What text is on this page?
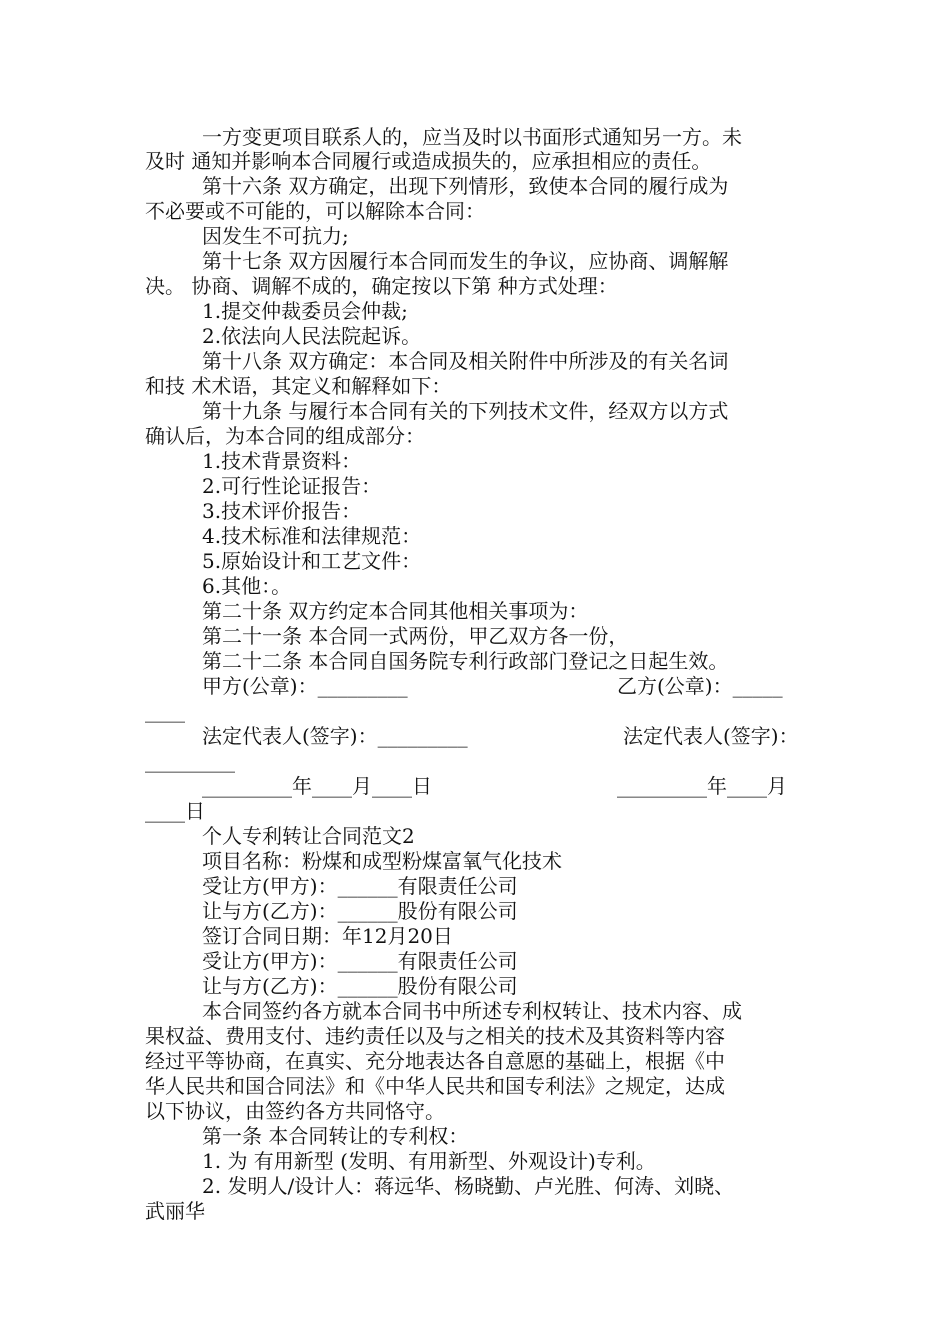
一方变更项目联系人的，应当及时以书面形式通知另一方。未
及时 通知并影响本合同履行或造成损失的，应承担相应的责任。
第十六条 双方确定，出现下列情形，致使本合同的履行成为
不必要或不可能的，可以解除本合同：
因发生不可抗力;
第十七条 双方因履行本合同而发生的争议，应协商、调解解
决。 协商、调解不成的，确定按以下第 种方式处理：
1.提交仲裁委员会仲裁;
2.依法向人民法院起诉。
第十八条 双方确定：本合同及相关附件中所涉及的有关名词
和技 术术语，其定义和解释如下：
第十九条 与履行本合同有关的下列技术文件，经双方以方式
确认后，为本合同的组成部分：
1.技术背景资料：
2.可行性论证报告：
3.技术评价报告：
4.技术标准和法律规范：
5.原始设计和工艺文件：
6.其他：。
第二十条 双方约定本合同其他相关事项为：
第二十一条 本合同一式两份，甲乙双方各一份，
第二十二条 本合同自国务院专利行政部门登记之日起生效。
甲方(公章)：_________	乙方(公章)：_____
____
法定代表人(签字)：_________	法定代表人(签字)：
_________
_________年____月____日	_________年____月
____日
个人专利转让合同范文2
项目名称：粉煤和成型粉煤富氧气化技术
受让方(甲方)：______有限责任公司
让与方(乙方)：______股份有限公司
签订合同日期：年12月20日
受让方(甲方)：______有限责任公司
让与方(乙方)：______股份有限公司
本合同签约各方就本合同书中所述专利权转让、技术内容、成
果权益、费用支付、违约责任以及与之相关的技术及其资料等内容
经过平等协商，在真实、充分地表达各自意愿的基础上，根据《中
华人民共和国合同法》和《中华人民共和国专利法》之规定，达成
以下协议，由签约各方共同恪守。
第一条 本合同转让的专利权：
1. 为 有用新型 (发明、有用新型、外观设计)专利。
2. 发明人/设计人：蒋远华、杨晓勤、卢光胜、何涛、刘晓、
武丽华
